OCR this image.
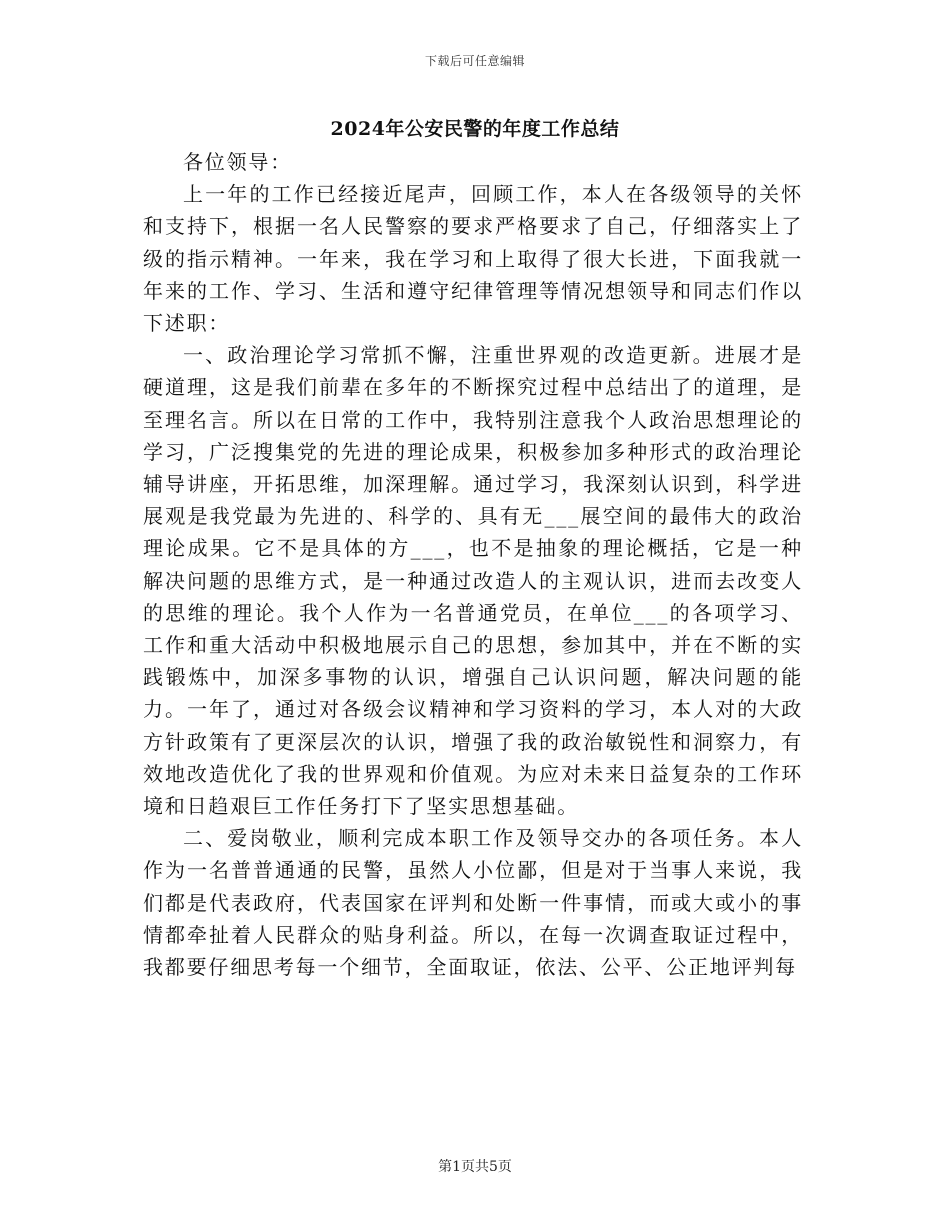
下载后可任意编辑
2024年公安民警的年度工作总结

各位领导：

上一年的工作已经接近尾声，回顾工作，本人在各级领导的关怀和支持下，根据一名人民警察的要求严格要求了自己，仔细落实上了级的指示精神。一年来，我在学习和上取得了很大长进，下面我就一年来的工作、学习、生活和遵守纪律管理等情况想领导和同志们作以下述职：

一、政治理论学习常抓不懈，注重世界观的改造更新。进展才是硬道理，这是我们前辈在多年的不断探究过程中总结出了的道理，是至理名言。所以在日常的工作中，我特别注意我个人政治思想理论的学习，广泛搜集党的先进的理论成果，积极参加多种形式的政治理论辅导讲座，开拓思维，加深理解。通过学习，我深刻认识到，科学进展观是我党最为先进的、科学的、具有无___展空间的最伟大的政治理论成果。它不是具体的方___，也不是抽象的理论概括，它是一种解决问题的思维方式，是一种通过改造人的主观认识，进而去改变人的思维的理论。我个人作为一名普通党员，在单位___的各项学习、工作和重大活动中积极地展示自己的思想，参加其中，并在不断的实践锻炼中，加深多事物的认识，增强自己认识问题，解决问题的能力。一年了，通过对各级会议精神和学习资料的学习，本人对的大政方针政策有了更深层次的认识，增强了我的政治敏锐性和洞察力，有效地改造优化了我的世界观和价值观。为应对未来日益复杂的工作环境和日趋艰巨工作任务打下了坚实思想基础。

二、爱岗敬业，顺利完成本职工作及领导交办的各项任务。本人作为一名普普通通的民警，虽然人小位鄙，但是对于当事人来说，我们都是代表政府，代表国家在评判和处断一件事情，而或大或小的事情都牵扯着人民群众的贴身利益。所以，在每一次调查取证过程中，我都要仔细思考每一个细节，全面取证，依法、公平、公正地评判每

第1页共5页
